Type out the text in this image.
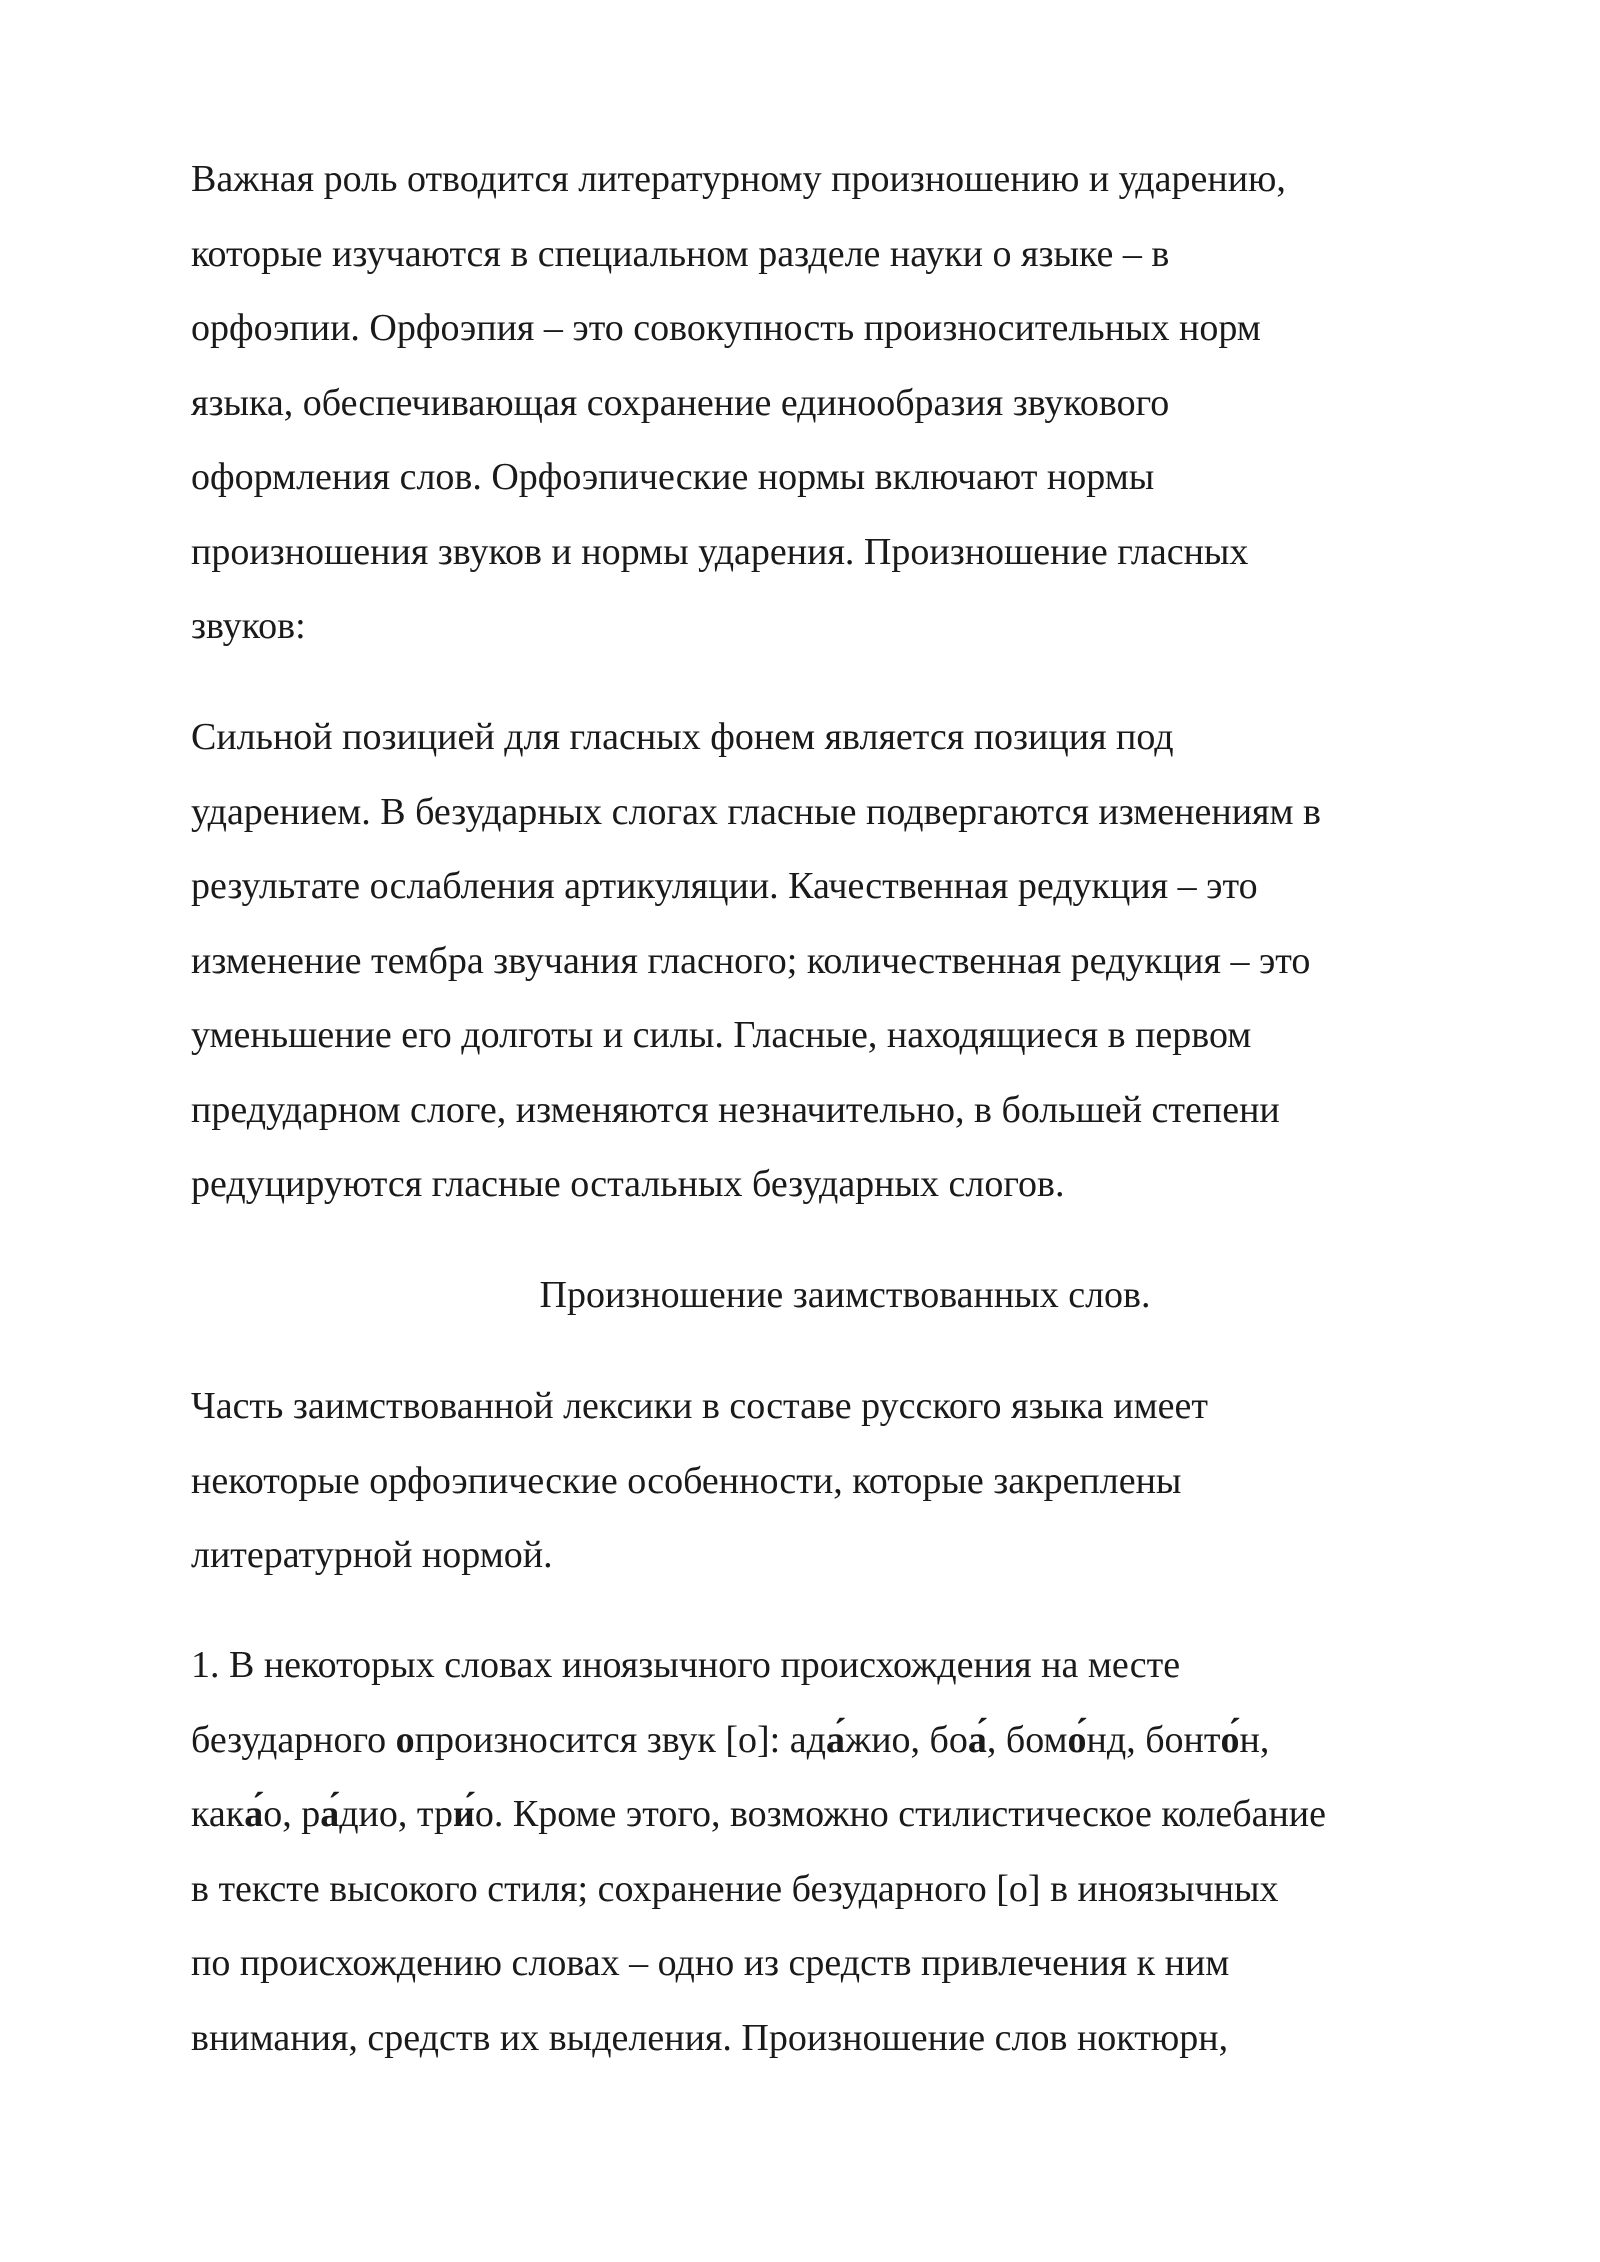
Важная роль отводится литературному произношению и ударению,
которые изучаются в специальном разделе науки о языке – в
орфоэпии. Орфоэпия – это совокупность произносительных норм
языка, обеспечивающая сохранение единообразия звукового
оформления слов. Орфоэпические нормы включают нормы
произношения звуков и нормы ударения. Произношение гласных
звуков:
Сильной позицией для гласных фонем является позиция под
ударением. В безударных слогах гласные подвергаются изменениям в
результате ослабления артикуляции. Качественная редукция – это
изменение тембра звучания гласного; количественная редукция – это
уменьшение его долготы и силы. Гласные, находящиеся в первом
предударном слоге, изменяются незначительно, в большей степени
редуцируются гласные остальных безударных слогов.
Произношение заимствованных слов.
Часть заимствованной лексики в составе русского языка имеет
некоторые орфоэпические особенности, которые закреплены
литературной нормой.
1. В некоторых словах иноязычного происхождения на месте
безударного опроизносится звук [о]: ада́жио, боа́, бомо́нд, бонто́н,
кака́о, ра́дио, три́о. Кроме этого, возможно стилистическое колебание
в тексте высокого стиля; сохранение безударного [о] в иноязычных
по происхождению словах – одно из средств привлечения к ним
внимания, средств их выделения. Произношение слов ноктюрн,
